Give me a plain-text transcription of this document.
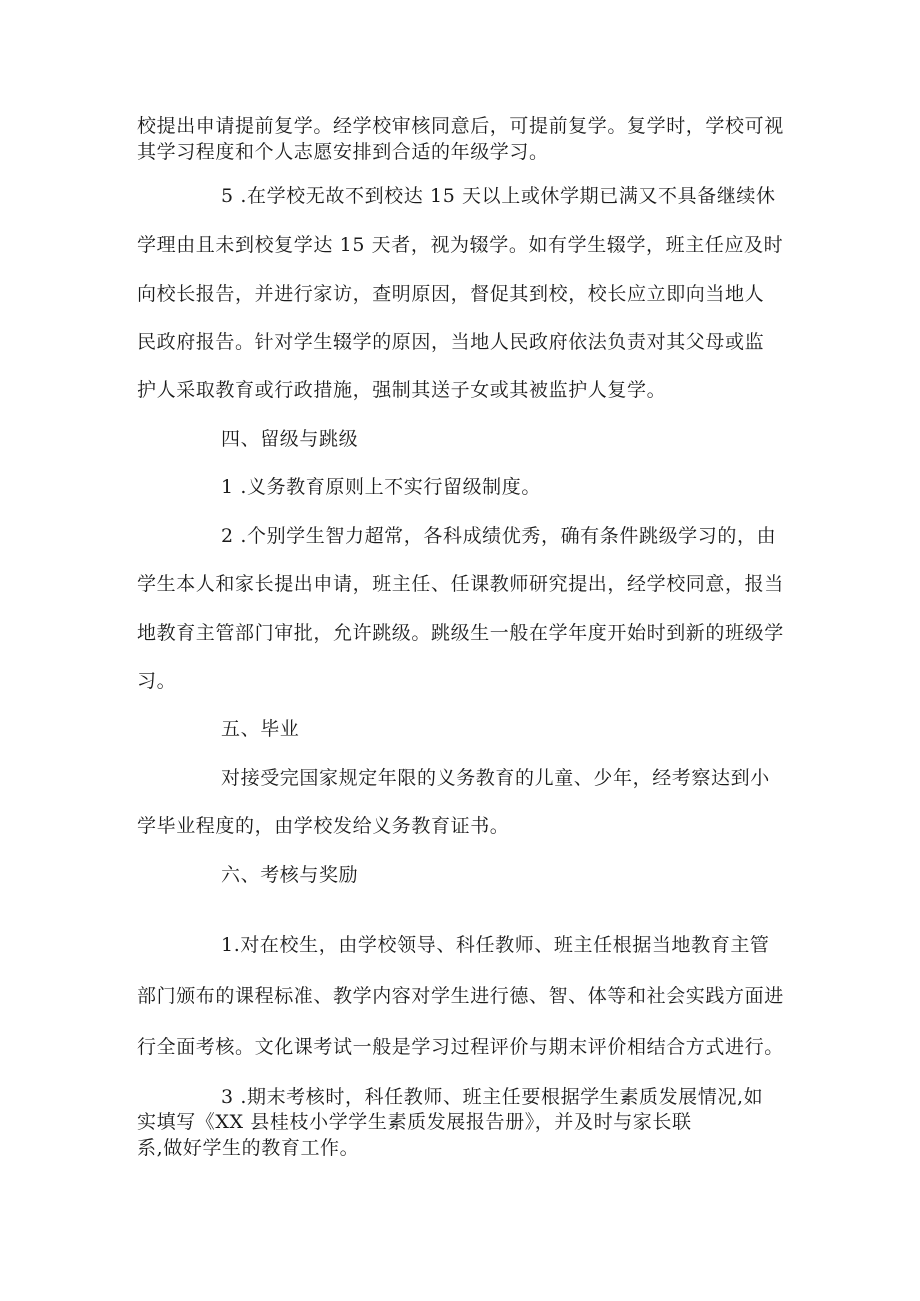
校提出申请提前复学。经学校审核同意后，可提前复学。复学时，学校可视
其学习程度和个人志愿安排到合适的年级学习。
5 .在学校无故不到校达 15 天以上或休学期已满又不具备继续休
学理由且未到校复学达 15 天者，视为辍学。如有学生辍学，班主任应及时
向校长报告，并进行家访，查明原因，督促其到校，校长应立即向当地人
民政府报告。针对学生辍学的原因，当地人民政府依法负责对其父母或监
护人采取教育或行政措施，强制其送子女或其被监护人复学。
四、留级与跳级
1 .义务教育原则上不实行留级制度。
2 .个别学生智力超常，各科成绩优秀，确有条件跳级学习的，由
学生本人和家长提出申请，班主任、任课教师研究提出，经学校同意，报当
地教育主管部门审批，允许跳级。跳级生一般在学年度开始时到新的班级学
习。
五、毕业
对接受完国家规定年限的义务教育的儿童、少年，经考察达到小
学毕业程度的，由学校发给义务教育证书。
六、考核与奖励
1.对在校生，由学校领导、科任教师、班主任根据当地教育主管
部门颁布的课程标准、教学内容对学生进行德、智、体等和社会实践方面进
行全面考核。文化课考试一般是学习过程评价与期末评价相结合方式进行。
3 .期末考核时，科任教师、班主任要根据学生素质发展情况,如
实填写《XX 县桂枝小学学生素质发展报告册》，并及时与家长联
系,做好学生的教育工作。
